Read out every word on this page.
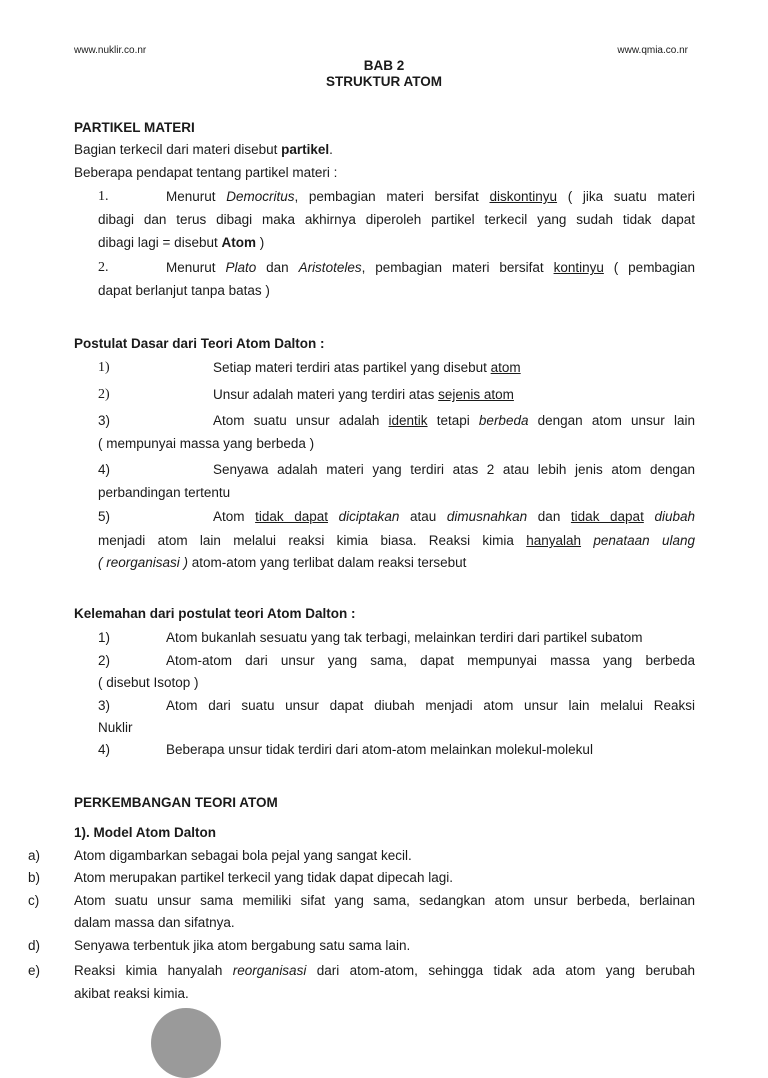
www.nuklir.co.nr	www.qmia.co.nr
BAB 2
STRUKTUR ATOM
PARTIKEL MATERI
Bagian terkecil dari materi disebut partikel.
Beberapa pendapat tentang partikel materi :
1.	Menurut Democritus, pembagian materi bersifat diskontinyu ( jika suatu materi
dibagi dan terus dibagi maka akhirnya diperoleh partikel terkecil yang sudah tidak dapat
dibagi lagi = disebut Atom )
2.	Menurut Plato dan Aristoteles, pembagian materi bersifat kontinyu ( pembagian
dapat berlanjut tanpa batas )
Postulat Dasar dari Teori Atom Dalton :
1)	Setiap materi terdiri atas partikel yang disebut atom
2)	Unsur adalah materi yang terdiri atas sejenis atom
3)	Atom suatu unsur adalah identik tetapi berbeda dengan atom unsur lain
( mempunyai massa yang berbeda )
4)	Senyawa adalah materi yang terdiri atas 2 atau lebih jenis atom dengan
perbandingan tertentu
5)	Atom tidak dapat diciptakan atau dimusnahkan dan tidak dapat diubah
menjadi atom lain melalui reaksi kimia biasa. Reaksi kimia hanyalah penataan ulang
( reorganisasi ) atom-atom yang terlibat dalam reaksi tersebut
Kelemahan dari postulat teori Atom Dalton :
1)	Atom bukanlah sesuatu yang tak terbagi, melainkan terdiri dari partikel subatom
2)	Atom-atom dari unsur yang sama, dapat mempunyai massa yang berbeda
( disebut Isotop )
3)	Atom dari suatu unsur dapat diubah menjadi atom unsur lain melalui Reaksi
Nuklir
4)	Beberapa unsur tidak terdiri dari atom-atom melainkan molekul-molekul
PERKEMBANGAN TEORI ATOM
1). Model Atom Dalton
a)	Atom digambarkan sebagai bola pejal yang sangat kecil.
b)	Atom merupakan partikel terkecil yang tidak dapat dipecah lagi.
c)	Atom suatu unsur sama memiliki sifat yang sama, sedangkan atom unsur berbeda, berlainan
dalam massa dan sifatnya.
d)	Senyawa terbentuk jika atom bergabung satu sama lain.
e)	Reaksi kimia hanyalah reorganisasi dari atom-atom, sehingga tidak ada atom yang berubah
akibat reaksi kimia.
